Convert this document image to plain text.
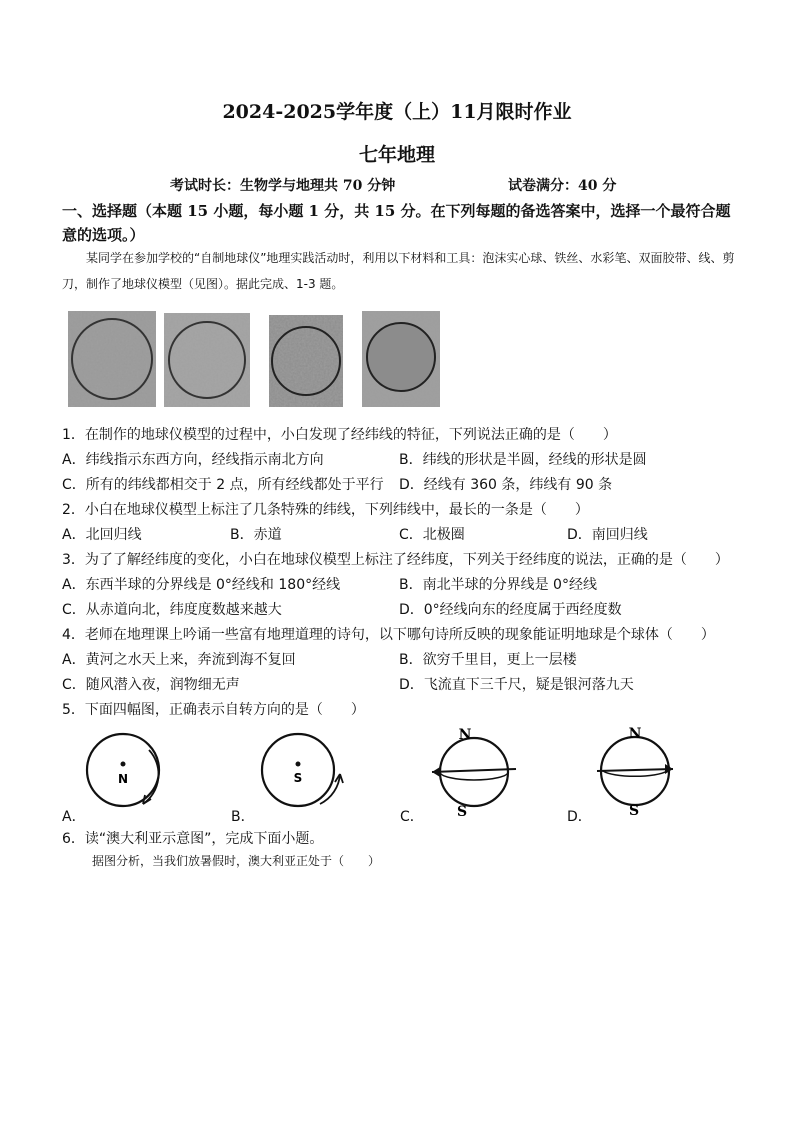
2024-2025学年度（上）11月限时作业
七年地理
考试时长：生物学与地理共 70 分钟	试卷满分：40 分
一、选择题（本题 15 小题，每小题 1 分，共 15 分。在下列每题的备选答案中，选择一个最符合题意的选项。）
某同学在参加学校的“自制地球仪”地理实践活动时，利用以下材料和工具：泡沫实心球、铁丝、水彩笔、双面胶带、线、剪刀，制作了地球仪模型（见图）。据此完成、1-3 题。
1．在制作的地球仪模型的过程中，小白发现了经纬线的特征，下列说法正确的是（　　）
A．纬线指示东西方向，经线指示南北方向	B．纬线的形状是半圆，经线的形状是圆
C．所有的纬线都相交于 2 点，所有经线都处于平行 D．经线有 360 条，纬线有 90 条
2．小白在地球仪模型上标注了几条特殊的纬线，下列纬线中，最长的一条是（　　）
A．北回归线	B．赤道	C．北极圈	D．南回归线
3．为了了解经纬度的变化，小白在地球仪模型上标注了经纬度，下列关于经纬度的说法，正确的是（　　）
A．东西半球的分界线是 0°经线和 180°经线	B．南北半球的分界线是 0°经线
C．从赤道向北，纬度度数越来越大	D．0°经线向东的经度属于西经度数
4．老师在地理课上吟诵一些富有地理道理的诗句，以下哪句诗所反映的现象能证明地球是个球体（　　）
A．黄河之水天上来，奔流到海不复回	B．欲穷千里目，更上一层楼
C．随风潜入夜，润物细无声	D．飞流直下三千尺，疑是银河落九天
5．下面四幅图，正确表示自转方向的是（　　）
N
A．
S
B．
N
S
C．
N
S
D．
6．读“澳大利亚示意图”，完成下面小题。
据图分析，当我们放暑假时，澳大利亚正处于（　　）
